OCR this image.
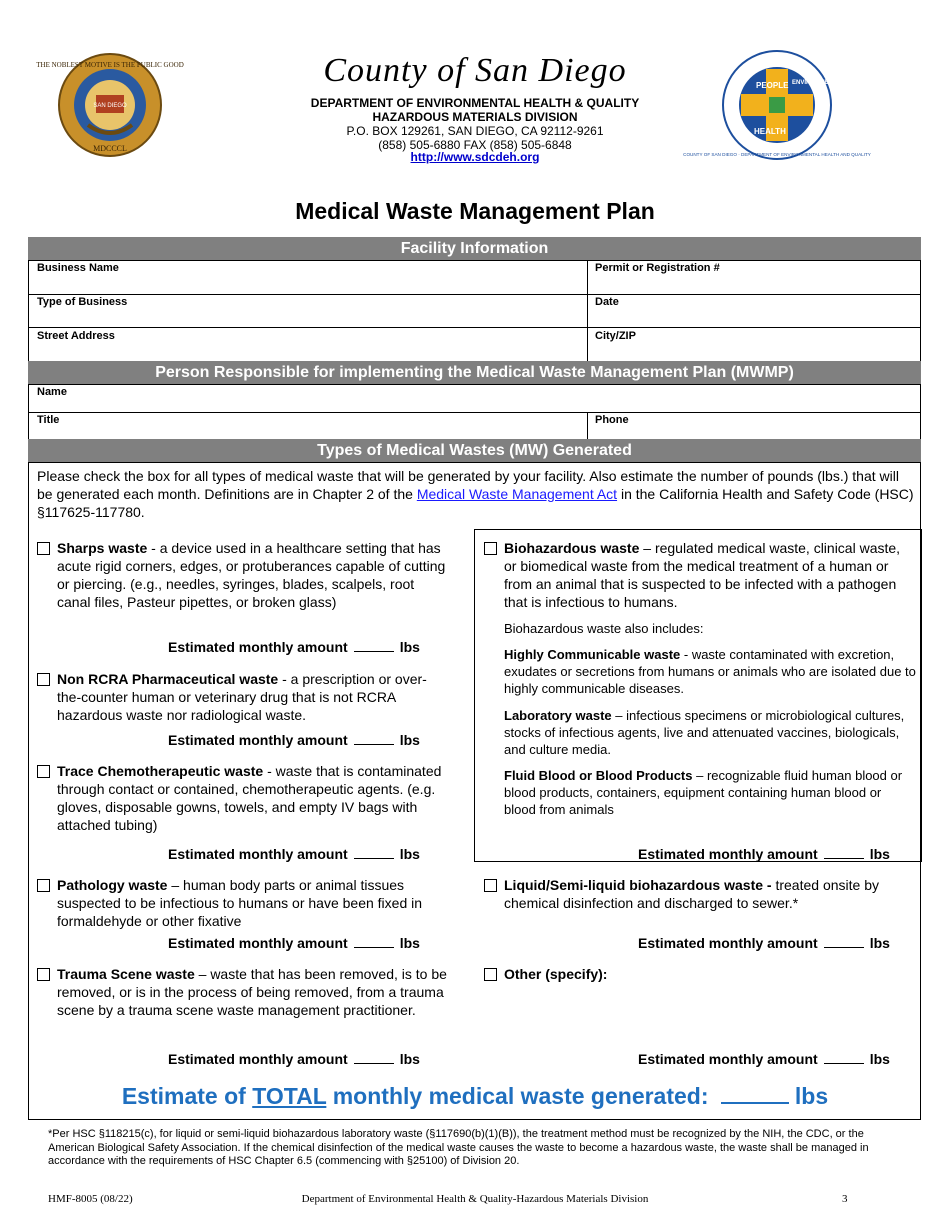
THE NOBLEST MOTIVE IS THE PUBLIC GOOD
SAN DIEGO
MDCCCL
PEOPLE ENVIRONMENT
HEALTH
COUNTY OF SAN DIEGO · DEPARTMENT OF ENVIRONMENTAL HEALTH AND QUALITY
County of San Diego
DEPARTMENT OF ENVIRONMENTAL HEALTH & QUALITY
HAZARDOUS MATERIALS DIVISION
P.O. BOX 129261, SAN DIEGO, CA 92112-9261
(858) 505-6880 FAX (858) 505-6848
http://www.sdcdeh.org
Medical Waste Management Plan
Facility Information
Business Name	Permit or Registration #
Type of Business	Date
Street Address	City/ZIP
Person Responsible for implementing the Medical Waste Management Plan (MWMP)
Name
Title	Phone
Types of Medical Wastes (MW) Generated
Please check the box for all types of medical waste that will be generated by your facility. Also estimate the number of pounds (lbs.) that will be generated each month. Definitions are in Chapter 2 of the Medical Waste Management Act in the California Health and Safety Code (HSC) §117625-117780.
Sharps waste - a device used in a healthcare setting that has acute rigid corners, edges, or protuberances capable of cutting or piercing. (e.g., needles, syringes, blades, scalpels, root canal files, Pasteur pipettes, or broken glass)
Estimated monthly amount	lbs
Non RCRA Pharmaceutical waste - a prescription or over-the-counter human or veterinary drug that is not RCRA hazardous waste nor radiological waste.
Estimated monthly amount	lbs
Trace Chemotherapeutic waste - waste that is contaminated through contact or contained, chemotherapeutic agents. (e.g. gloves, disposable gowns, towels, and empty IV bags with attached tubing)
Estimated monthly amount	lbs
Pathology waste – human body parts or animal tissues suspected to be infectious to humans or have been fixed in formaldehyde or other fixative
Estimated monthly amount	lbs
Trauma Scene waste – waste that has been removed, is to be removed, or is in the process of being removed, from a trauma scene by a trauma scene waste management practitioner.
Estimated monthly amount	lbs
Biohazardous waste – regulated medical waste, clinical waste, or biomedical waste from the medical treatment of a human or from an animal that is suspected to be infected with a pathogen that is infectious to humans.
Biohazardous waste also includes:
Highly Communicable waste - waste contaminated with excretion, exudates or secretions from humans or animals who are isolated due to highly communicable diseases.
Laboratory waste – infectious specimens or microbiological cultures, stocks of infectious agents, live and attenuated vaccines, biologicals, and culture media.
Fluid Blood or Blood Products – recognizable fluid human blood or blood products, containers, equipment containing human blood or blood from animals
Estimated monthly amount	lbs
Liquid/Semi-liquid biohazardous waste - treated onsite by chemical disinfection and discharged to sewer.*
Estimated monthly amount	lbs
Other (specify):
Estimated monthly amount	lbs
Estimate of TOTAL monthly medical waste generated:	lbs
*Per HSC §118215(c), for liquid or semi-liquid biohazardous laboratory waste (§117690(b)(1)(B)), the treatment method must be recognized by the NIH, the CDC, or the American Biological Safety Association. If the chemical disinfection of the medical waste causes the waste to become a hazardous waste, the waste shall be managed in accordance with the requirements of HSC Chapter 6.5 (commencing with §25100) of Division 20.
HMF-8005 (08/22)	Department of Environmental Health & Quality-Hazardous Materials Division	3
